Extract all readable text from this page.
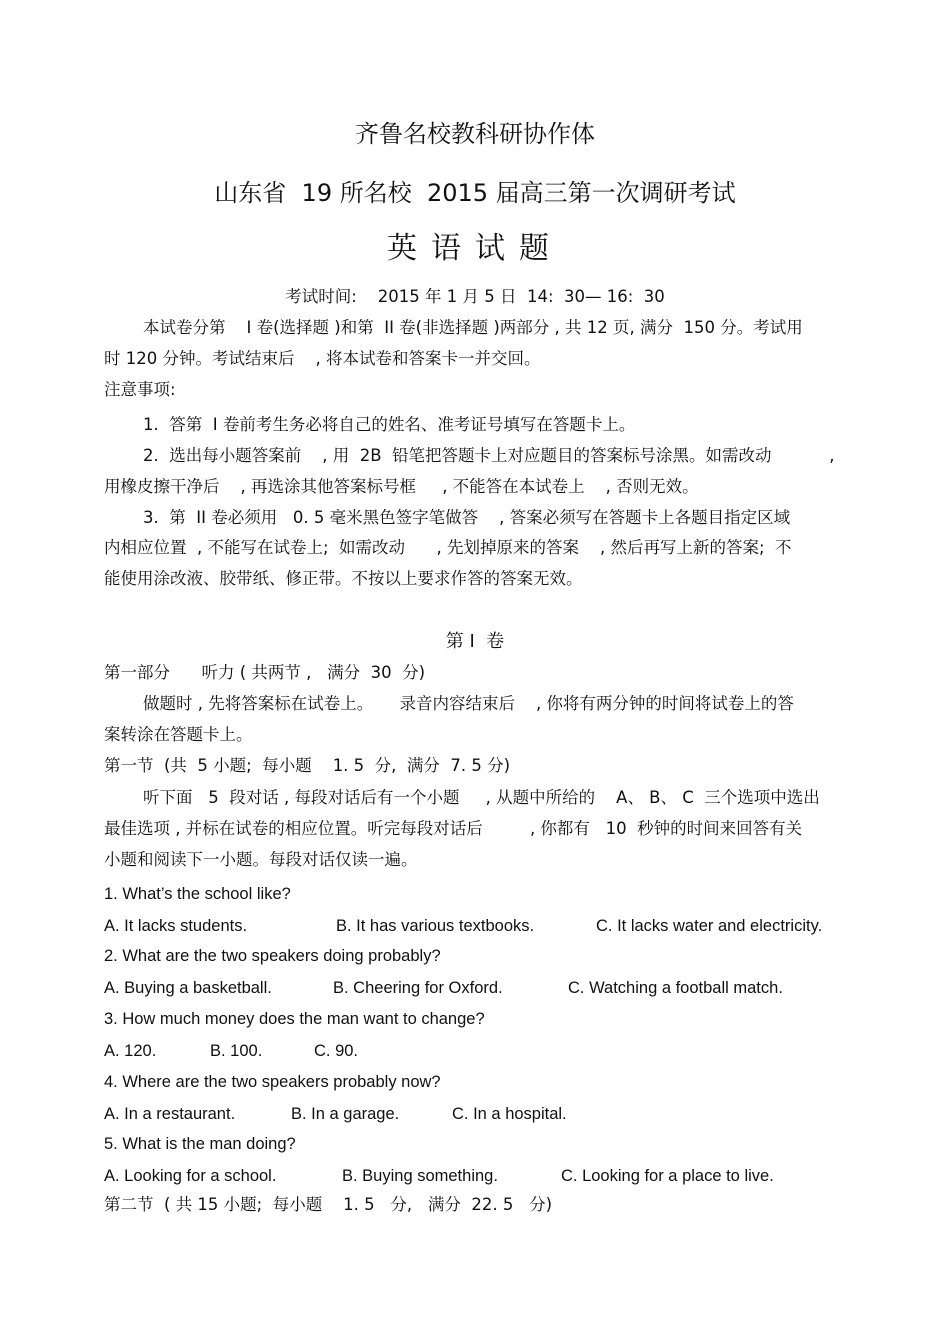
齐鲁名校教科研协作体
山东省  19 所名校  2015 届高三第一次调研考试
英语试题
考试时间:    2015 年 1 月 5 日  14:  30— 16:  30
本试卷分第    I 卷(选择题 )和第  II 卷(非选择题 )两部分 , 共 12 页, 满分  150 分。考试用
时 120 分钟。考试结束后    , 将本试卷和答案卡一并交回。
注意事项:
1.  答第  I 卷前考生务必将自己的姓名、准考证号填写在答题卡上。
2.  选出每小题答案前    , 用  2B  铅笔把答题卡上对应题目的答案标号涂黑。如需改动           ,
用橡皮擦干净后    , 再选涂其他答案标号框     , 不能答在本试卷上    , 否则无效。
3.  第  II 卷必须用   0. 5 毫米黑色签字笔做答    , 答案必须写在答题卡上各题目指定区域
内相应位置  , 不能写在试卷上;  如需改动      , 先划掉原来的答案    , 然后再写上新的答案;  不
能使用涂改液、胶带纸、修正带。不按以上要求作答的答案无效。
第 I  卷
第一部分      听力 ( 共两节 ,   满分  30  分)
做题时 , 先将答案标在试卷上。     录音内容结束后    , 你将有两分钟的时间将试卷上的答
案转涂在答题卡上。
第一节  (共  5 小题;  每小题    1. 5  分,  满分  7. 5 分)
听下面   5  段对话 , 每段对话后有一个小题     , 从题中所给的    A、 B、 C  三个选项中选出
最佳选项 , 并标在试卷的相应位置。听完每段对话后         , 你都有   10  秒钟的时间来回答有关
小题和阅读下一小题。每段对话仅读一遍。
1. What’s the school like?
A. It lacks students.	B. It has various textbooks.	C. It lacks water and electricity.
2. What are the two speakers doing probably?
A. Buying a basketball.	B. Cheering for Oxford.	C. Watching a football match.
3. How much money does the man want to change?
A. 120.	B. 100.	C. 90.
4. Where are the two speakers probably now?
A. In a restaurant.	B. In a garage.	C. In a hospital.
5. What is the man doing?
A. Looking for a school.	B. Buying something.	C. Looking for a place to live.
第二节  ( 共 15 小题;  每小题    1. 5   分,   满分  22. 5   分)
